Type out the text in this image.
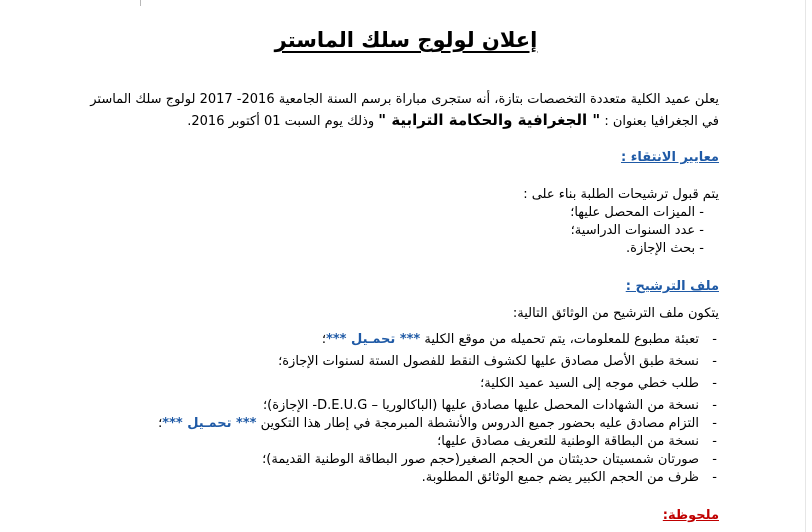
إعلان لولوج سلك الماستر
يعلن عميد الكلية متعددة التخصصات بتازة، أنه ستجرى مباراة برسم السنة الجامعية 2016- 2017 لولوج سلك الماستر
في الجغرافيا بعنوان : " الجغرافية والحكامة الترابية " وذلك يوم السبت 01 أكتوبر 2016.
معايير الانتقاء :
يتم قبول ترشيحات الطلبة بناء على :
- الميزات المحصل عليها؛
- عدد السنوات الدراسية؛
- بحث الإجازة.
ملف الترشيح :
يتكون ملف الترشيح من الوثائق التالية:
-
تعبئة مطبوع للمعلومات، يتم تحميله من موقع الكلية *** تحمـيل ***؛
-
نسخة طبق الأصل مصادق عليها لكشوف النقط للفصول الستة لسنوات الإجازة؛
-
طلب خطي موجه إلى السيد عميد الكلية؛
-
نسخة من الشهادات المحصل عليها مصادق عليها (الباكالوريا – D.E.U.G- الإجازة)؛
-
التزام مصادق عليه بحضور جميع الدروس والأنشطة المبرمجة في إطار هذا التكوين *** تحمـيل ***؛
-
نسخة من البطاقة الوطنية للتعريف مصادق عليها؛
-
صورتان شمسيتان حديثتان من الحجم الصغير(حجم صور البطاقة الوطنية القديمة)؛
-
ظرف من الحجم الكبير يضم جميع الوثائق المطلوبة.
ملحوظة:
